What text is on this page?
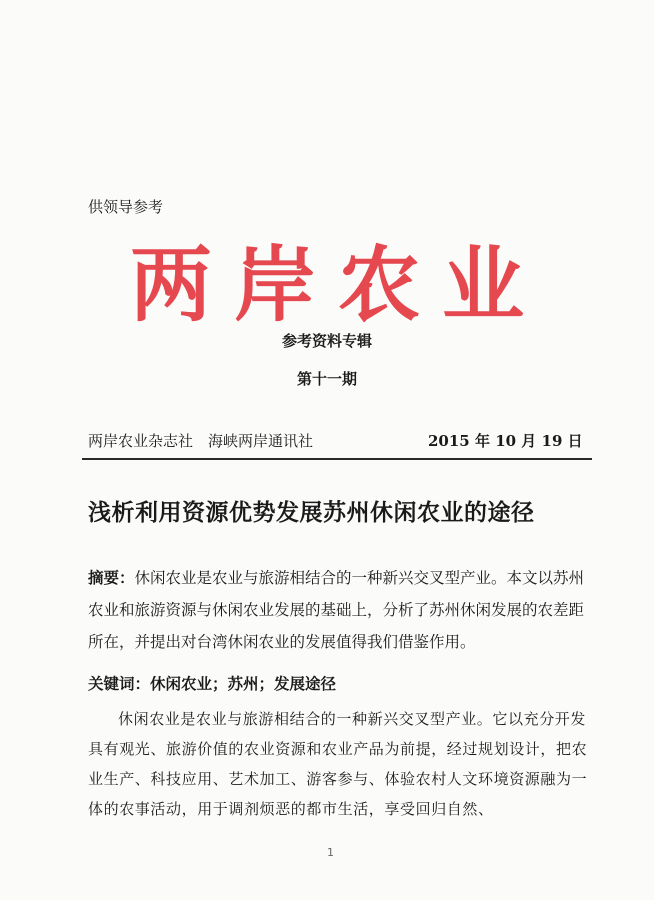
供领导参考
两岸农业
参考资料专辑
第十一期
两岸农业杂志社　海峡两岸通讯社	2015 年 10 月 19 日
浅析利用资源优势发展苏州休闲农业的途径
摘要：休闲农业是农业与旅游相结合的一种新兴交叉型产业。本文以苏州农业和旅游资源与休闲农业发展的基础上，分析了苏州休闲发展的农差距所在，并提出对台湾休闲农业的发展值得我们借鉴作用。
关键词：休闲农业；苏州；发展途径
休闲农业是农业与旅游相结合的一种新兴交叉型产业。它以充分开发具有观光、旅游价值的农业资源和农业产品为前提，经过规划设计，把农业生产、科技应用、艺术加工、游客参与、体验农村人文环境资源融为一体的农事活动，用于调剂烦恶的都市生活，享受回归自然、
1
